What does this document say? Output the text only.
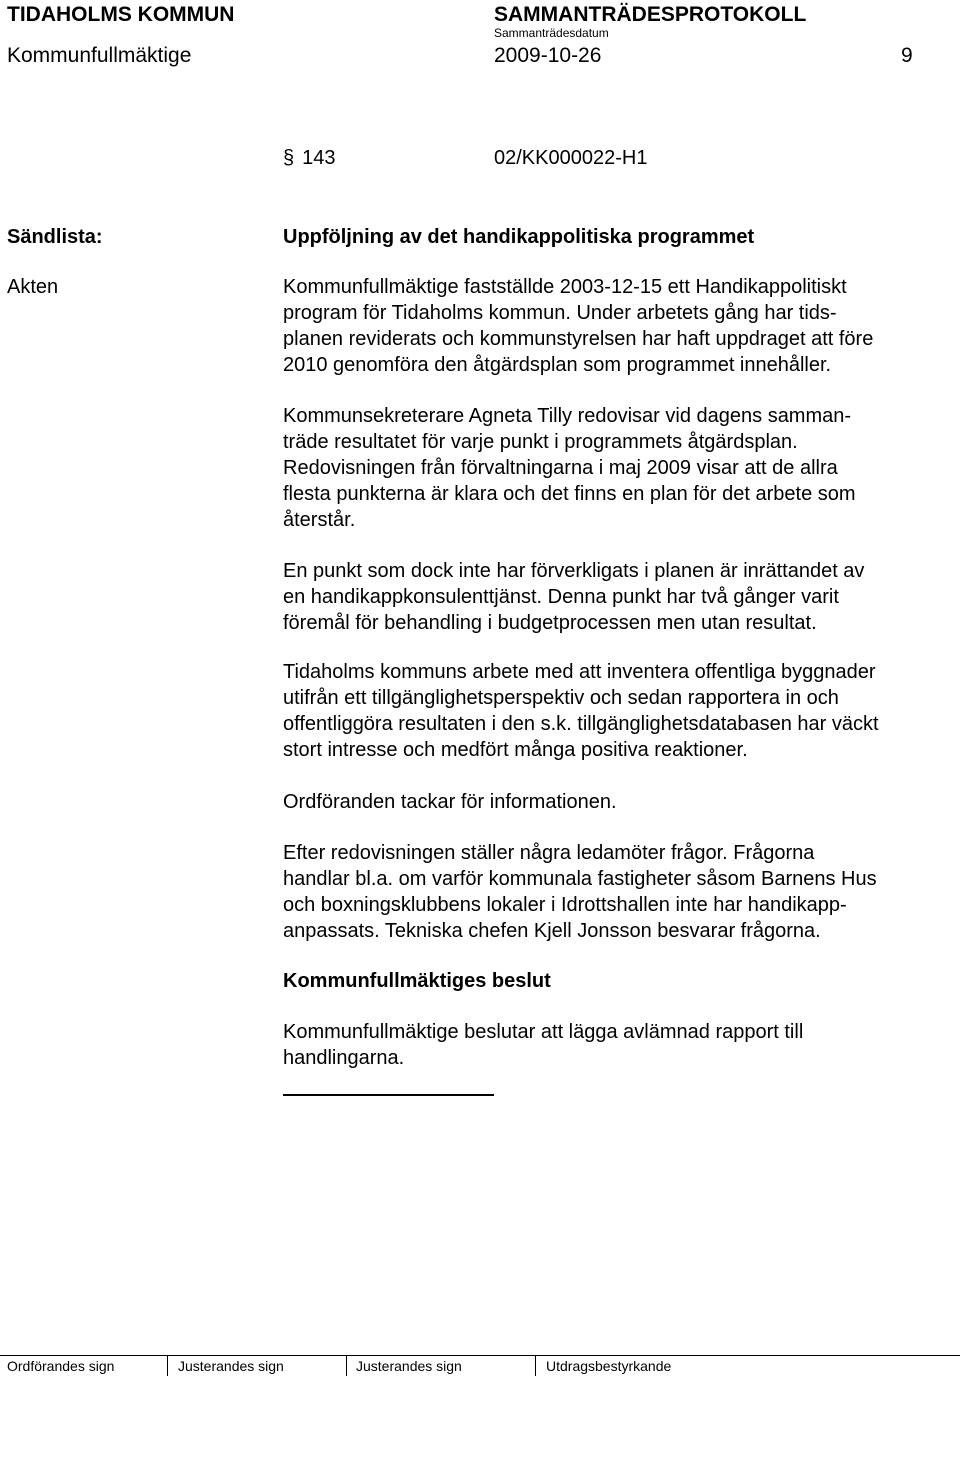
TIDAHOLMS KOMMUN	SAMMANTRÄDESPROTOKOLL
Sammanträdesdatum
Kommunfullmäktige	2009-10-26	9
§ 143	02/KK000022-H1
Sändlista:	Uppföljning av det handikappolitiska programmet
Akten	Kommunfullmäktige fastställde 2003-12-15 ett Handikappolitiskt
program för Tidaholms kommun. Under arbetets gång har tids-
planen reviderats och kommunstyrelsen har haft uppdraget att före
2010 genomföra den åtgärdsplan som programmet innehåller.
Kommunsekreterare Agneta Tilly redovisar vid dagens samman-
träde resultatet för varje punkt i programmets åtgärdsplan.
Redovisningen från förvaltningarna i maj 2009 visar att de allra
flesta punkterna är klara och det finns en plan för det arbete som
återstår.
En punkt som dock inte har förverkligats i planen är inrättandet av
en handikappkonsulenttjänst. Denna punkt har två gånger varit
föremål för behandling i budgetprocessen men utan resultat.
Tidaholms kommuns arbete med att inventera offentliga byggnader
utifrån ett tillgänglighetsperspektiv och sedan rapportera in och
offentliggöra resultaten i den s.k. tillgänglighetsdatabasen har väckt
stort intresse och medfört många positiva reaktioner.
Ordföranden tackar för informationen.
Efter redovisningen ställer några ledamöter frågor. Frågorna
handlar bl.a. om varför kommunala fastigheter såsom Barnens Hus
och boxningsklubbens lokaler i Idrottshallen inte har handikapp-
anpassats. Tekniska chefen Kjell Jonsson besvarar frågorna.
Kommunfullmäktiges beslut
Kommunfullmäktige beslutar att lägga avlämnad rapport till
handlingarna.
Ordförandes sign	Justerandes sign	Justerandes sign	Utdragsbestyrkande
